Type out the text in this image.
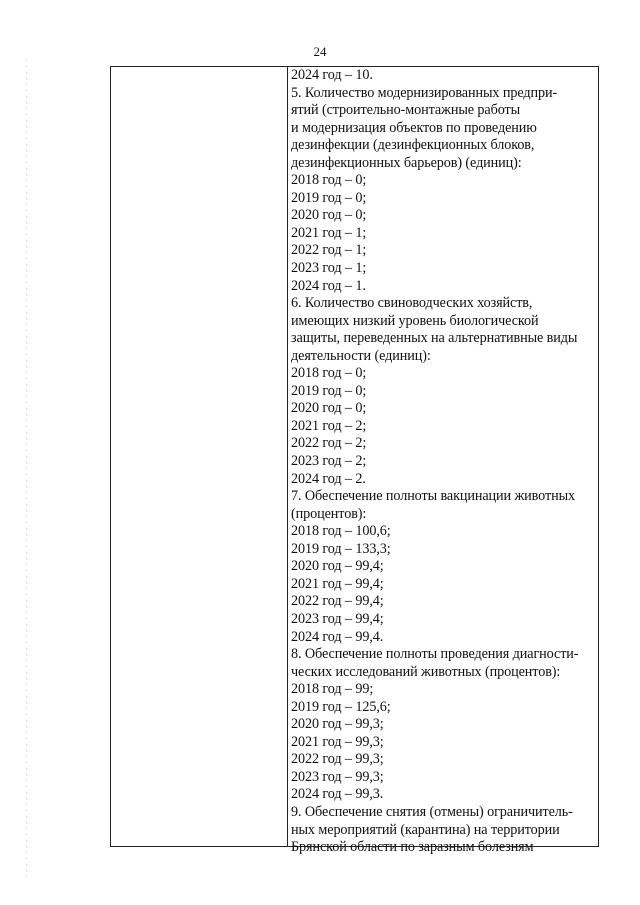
24
2024 год – 10.
5. Количество модернизированных предпри-
ятий (строительно-монтажные работы
и модернизация объектов по проведению
дезинфекции (дезинфекционных блоков,
дезинфекционных барьеров) (единиц):
2018 год – 0;
2019 год – 0;
2020 год – 0;
2021 год – 1;
2022 год – 1;
2023 год – 1;
2024 год – 1.
6. Количество свиноводческих хозяйств,
имеющих низкий уровень биологической
защиты, переведенных на альтернативные виды
деятельности (единиц):
2018 год – 0;
2019 год – 0;
2020 год – 0;
2021 год – 2;
2022 год – 2;
2023 год – 2;
2024 год – 2.
7. Обеспечение полноты вакцинации животных
(процентов):
2018 год – 100,6;
2019 год – 133,3;
2020 год – 99,4;
2021 год – 99,4;
2022 год – 99,4;
2023 год – 99,4;
2024 год – 99,4.
8. Обеспечение полноты проведения диагности-
ческих исследований животных (процентов):
2018 год – 99;
2019 год – 125,6;
2020 год – 99,3;
2021 год – 99,3;
2022 год – 99,3;
2023 год – 99,3;
2024 год – 99,3.
9. Обеспечение снятия (отмены) ограничитель-
ных мероприятий (карантина) на территории
Брянской области по заразным болезням
